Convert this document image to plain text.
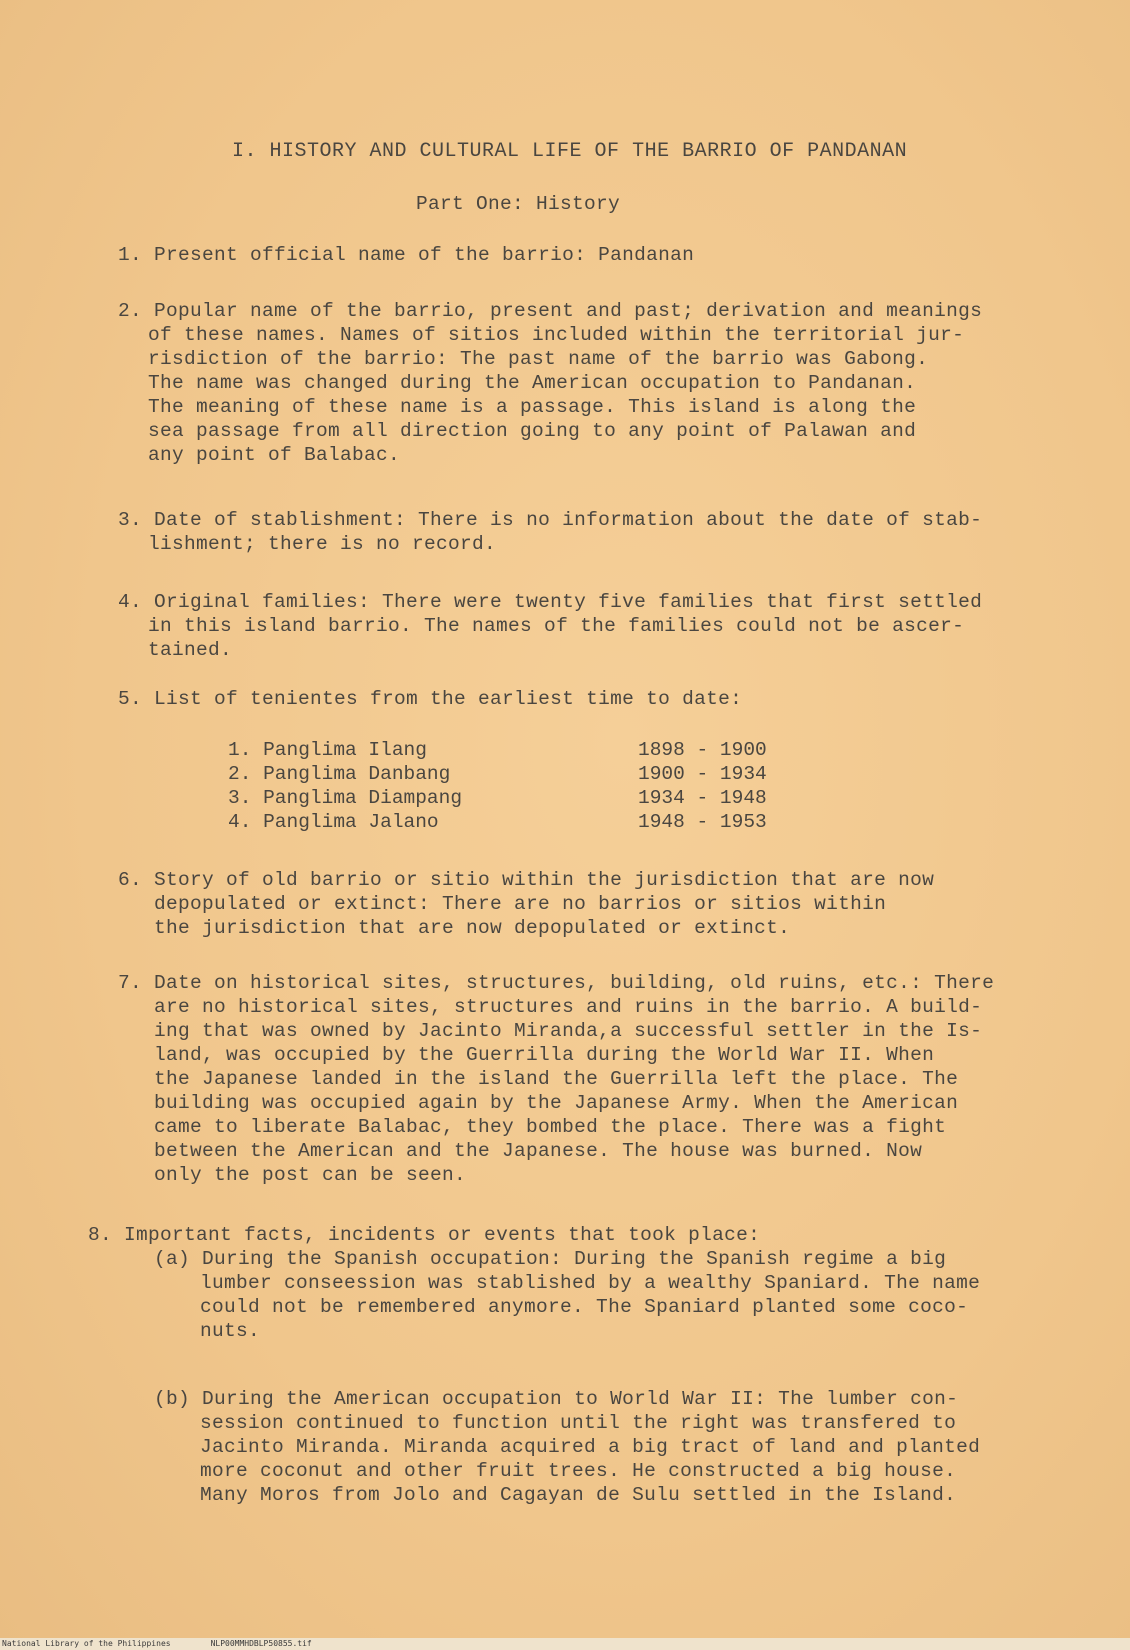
I. HISTORY AND CULTURAL LIFE OF THE BARRIO OF PANDANAN
Part One: History
1. Present official name of the barrio: Pandanan
2. Popular name of the barrio, present and past; derivation and meanings
of these names. Names of sitios included within the territorial jur-
risdiction of the barrio: The past name of the barrio was Gabong.
The name was changed during the American occupation to Pandanan.
The meaning of these name is a passage. This island is along the
sea passage from all direction going to any point of Palawan and
any point of Balabac.
3. Date of stablishment: There is no information about the date of stab-
lishment; there is no record.
4. Original families: There were twenty five families that first settled
in this island barrio. The names of the families could not be ascer-
tained.
5. List of tenientes from the earliest time to date:
1. Panglima Ilang	1898 - 1900
2. Panglima Danbang	1900 - 1934
3. Panglima Diampang	1934 - 1948
4. Panglima Jalano	1948 - 1953
6. Story of old barrio or sitio within the jurisdiction that are now
depopulated or extinct: There are no barrios or sitios within
the jurisdiction that are now depopulated or extinct.
7. Date on historical sites, structures, building, old ruins, etc.: There
are no historical sites, structures and ruins in the barrio. A build-
ing that was owned by Jacinto Miranda,a successful settler in the Is-
land, was occupied by the Guerrilla during the World War II. When
the Japanese landed in the island the Guerrilla left the place. The
building was occupied again by the Japanese Army. When the American
came to liberate Balabac, they bombed the place. There was a fight
between the American and the Japanese. The house was burned. Now
only the post can be seen.
8. Important facts, incidents or events that took place:
(a) During the Spanish occupation: During the Spanish regime a big
lumber conseession was stablished by a wealthy Spaniard. The name
could not be remembered anymore. The Spaniard planted some coco-
nuts.
(b) During the American occupation to World War II: The lumber con-
session continued to function until the right was transfered to
Jacinto Miranda. Miranda acquired a big tract of land and planted
more coconut and other fruit trees. He constructed a big house.
Many Moros from Jolo and Cagayan de Sulu settled in the Island.
National Library of the Philippines	NLP00MMHDBLP50855.tif
